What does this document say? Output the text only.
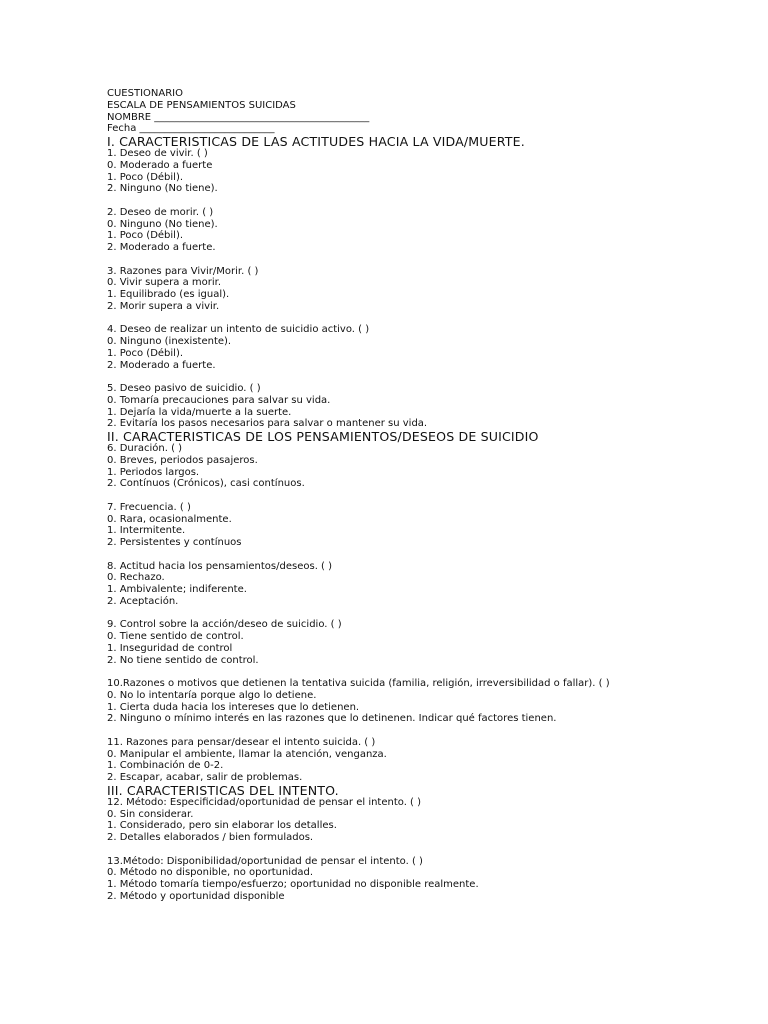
CUESTIONARIO
ESCALA DE PENSAMIENTOS SUICIDAS
NOMBRE ___________________________________________
Fecha ___________________________
I. CARACTERISTICAS DE LAS ACTITUDES HACIA LA VIDA/MUERTE.
1. Deseo de vivir. ( )
0. Moderado a fuerte
1. Poco (Débil).
2. Ninguno (No tiene).
2. Deseo de morir. ( )
0. Ninguno (No tiene).
1. Poco (Débil).
2. Moderado a fuerte.
3. Razones para Vivir/Morir. ( )
0. Vivir supera a morir.
1. Equilibrado (es igual).
2. Morir supera a vivir.
4. Deseo de realizar un intento de suicidio activo. ( )
0. Ninguno (inexistente).
1. Poco (Débil).
2. Moderado a fuerte.
5. Deseo pasivo de suicidio. ( )
0. Tomaría precauciones para salvar su vida.
1. Dejaría la vida/muerte a la suerte.
2. Evitaría los pasos necesarios para salvar o mantener su vida.
II. CARACTERISTICAS DE LOS PENSAMIENTOS/DESEOS DE SUICIDIO
6. Duración. ( )
0. Breves, periodos pasajeros.
1. Periodos largos.
2. Contínuos (Crónicos), casi contínuos.
7. Frecuencia. ( )
0. Rara, ocasionalmente.
1. Intermitente.
2. Persistentes y contínuos
8. Actitud hacia los pensamientos/deseos. ( )
0. Rechazo.
1. Ambivalente; indiferente.
2. Aceptación.
9. Control sobre la acción/deseo de suicidio. ( )
0. Tiene sentido de control.
1. Inseguridad de control
2. No tiene sentido de control.
10.Razones o motivos que detienen la tentativa suicida (familia, religión, irreversibilidad o fallar). ( )
0. No lo intentaría porque algo lo detiene.
1. Cierta duda hacia los intereses que lo detienen.
2. Ninguno o mínimo interés en las razones que lo detinenen. Indicar qué factores tienen.
11. Razones para pensar/desear el intento suicida. ( )
0. Manipular el ambiente, llamar la atención, venganza.
1. Combinación de 0-2.
2. Escapar, acabar, salir de problemas.
III. CARACTERISTICAS DEL INTENTO.
12. Método: Especificidad/oportunidad de pensar el intento. ( )
0. Sin considerar.
1. Considerado, pero sin elaborar los detalles.
2. Detalles elaborados / bien formulados.
13.Método: Disponibilidad/oportunidad de pensar el intento. ( )
0. Método no disponible, no oportunidad.
1. Método tomaría tiempo/esfuerzo; oportunidad no disponible realmente.
2. Método y oportunidad disponible
